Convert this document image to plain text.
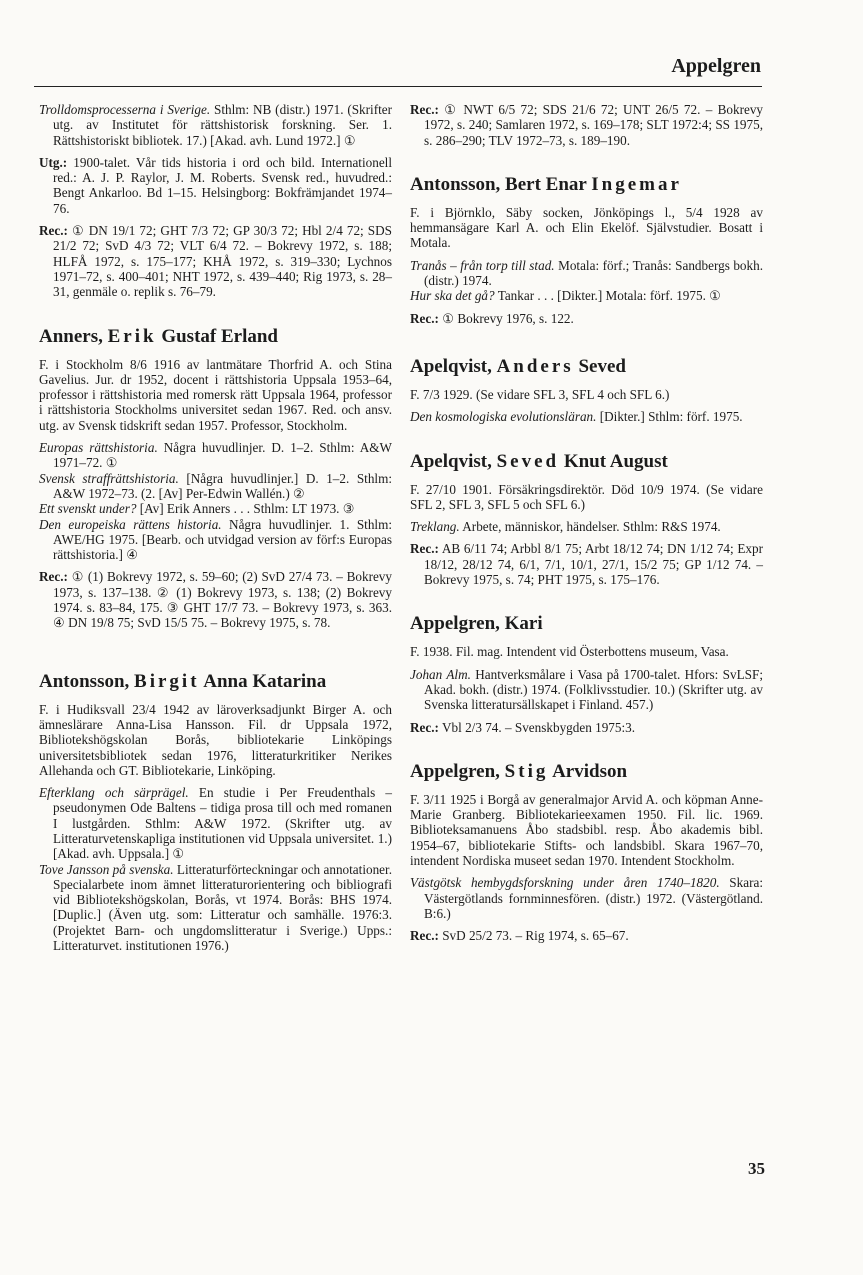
Appelgren

Trolldomsprocesserna i Sverige. Sthlm: NB (distr.) 1971. (Skrifter utg. av Institutet för rättshistorisk forskning. Ser. 1. Rättshistoriskt bibliotek. 17.) [Akad. avh. Lund 1972.] ①

Utg.: 1900-talet. Vår tids historia i ord och bild. Internationell red.: A. J. P. Raylor, J. M. Roberts. Svensk red., huvudred.: Bengt Ankarloo. Bd 1–15. Helsingborg: Bokfrämjandet 1974–76.

Rec.: ① DN 19/1 72; GHT 7/3 72; GP 30/3 72; Hbl 2/4 72; SDS 21/2 72; SvD 4/3 72; VLT 6/4 72. – Bokrevy 1972, s. 188; HLFÅ 1972, s. 175–177; KHÅ 1972, s. 319–330; Lychnos 1971–72, s. 400–401; NHT 1972, s. 439–440; Rig 1973, s. 28–31, genmäle o. replik s. 76–79.

Anners, Erik Gustaf Erland

F. i Stockholm 8/6 1916 av lantmätare Thorfrid A. och Stina Gavelius. Jur. dr 1952, docent i rättshistoria Uppsala 1953–64, professor i rättshistoria med romersk rätt Uppsala 1964, professor i rättshistoria Stockholms universitet sedan 1967. Red. och ansv. utg. av Svensk tidskrift sedan 1957. Professor, Stockholm.

Europas rättshistoria. Några huvudlinjer. D. 1–2. Sthlm: A&W 1971–72. ①
Svensk straffrättshistoria. [Några huvudlinjer.] D. 1–2. Sthlm: A&W 1972–73. (2. [Av] Per-Edwin Wallén.) ②
Ett svenskt under? [Av] Erik Anners . . . Sthlm: LT 1973. ③

Den europeiska rättens historia. Några huvudlinjer. 1. Sthlm: AWE/HG 1975. [Bearb. och utvidgad version av förf:s Europas rättshistoria.] ④

Rec.: ① (1) Bokrevy 1972, s. 59–60; (2) SvD 27/4 73. – Bokrevy 1973, s. 137–138. ② (1) Bokrevy 1973, s. 138; (2) Bokrevy 1974. s. 83–84, 175. ③ GHT 17/7 73. – Bokrevy 1973, s. 363. ④ DN 19/8 75; SvD 15/5 75. – Bokrevy 1975, s. 78.

Antonsson, Birgit Anna Katarina

F. i Hudiksvall 23/4 1942 av läroverksadjunkt Birger A. och ämneslärare Anna-Lisa Hansson. Fil. dr Uppsala 1972, Bibliotekshögskolan Borås, bibliotekarie Linköpings universitetsbibliotek sedan 1976, litteraturkritiker Nerikes Allehanda och GT. Bibliotekarie, Linköping.

Efterklang och särprägel. En studie i Per Freudenthals – pseudonymen Ode Baltens – tidiga prosa till och med romanen I lustgården. Sthlm: A&W 1972. (Skrifter utg. av Litteraturvetenskapliga institutionen vid Uppsala universitet. 1.) [Akad. avh. Uppsala.] ①
Tove Jansson på svenska. Litteraturförteckningar och annotationer. Specialarbete inom ämnet litteraturorientering och bibliografi vid Bibliotekshögskolan, Borås, vt 1974. Borås: BHS 1974. [Duplic.] (Även utg. som: Litteratur och samhälle. 1976:3. (Projektet Barn- och ungdomslitteratur i Sverige.) Upps.: Litteraturvet. institutionen 1976.)

Rec.: ① NWT 6/5 72; SDS 21/6 72; UNT 26/5 72. – Bokrevy 1972, s. 240; Samlaren 1972, s. 169–178; SLT 1972:4; SS 1975, s. 286–290; TLV 1972–73, s. 189–190.

Antonsson, Bert Enar Ingemar

F. i Björnklo, Säby socken, Jönköpings l., 5/4 1928 av hemmansägare Karl A. och Elin Ekelöf. Självstudier. Bosatt i Motala.

Tranås – från torp till stad. Motala: förf.; Tranås: Sandbergs bokh. (distr.) 1974.

Hur ska det gå? Tankar . . . [Dikter.] Motala: förf. 1975. ①

Rec.: ① Bokrevy 1976, s. 122.

Apelqvist, Anders Seved

F. 7/3 1929. (Se vidare SFL 3, SFL 4 och SFL 6.)

Den kosmologiska evolutionsläran. [Dikter.] Sthlm: förf. 1975.

Apelqvist, Seved Knut August

F. 27/10 1901. Försäkringsdirektör. Död 10/9 1974. (Se vidare SFL 2, SFL 3, SFL 5 och SFL 6.)

Treklang. Arbete, människor, händelser. Sthlm: R&S 1974.

Rec.: AB 6/11 74; Arbbl 8/1 75; Arbt 18/12 74; DN 1/12 74; Expr 18/12, 28/12 74, 6/1, 7/1, 10/1, 27/1, 15/2 75; GP 1/12 74. – Bokrevy 1975, s. 74; PHT 1975, s. 175–176.

Appelgren, Kari

F. 1938. Fil. mag. Intendent vid Österbottens museum, Vasa.

Johan Alm. Hantverksmålare i Vasa på 1700-talet. Hfors: SvLSF; Akad. bokh. (distr.) 1974. (Folklivsstudier. 10.) (Skrifter utg. av Svenska litteratursällskapet i Finland. 457.)

Rec.: Vbl 2/3 74. – Svenskbygden 1975:3.

Appelgren, Stig Arvidson

F. 3/11 1925 i Borgå av generalmajor Arvid A. och köpman Anne-Marie Granberg. Bibliotekarieexamen 1950. Fil. lic. 1969. Biblioteksamanuens Åbo stadsbibl. resp. Åbo akademis bibl. 1954–67, bibliotekarie Stifts- och landsbibl. Skara 1967–70, intendent Nordiska museet sedan 1970. Intendent Stockholm.

Västgötsk hembygdsforskning under åren 1740–1820. Skara: Västergötlands fornminnesfören. (distr.) 1972. (Västergötland. B:6.)

Rec.: SvD 25/2 73. – Rig 1974, s. 65–67.

35
